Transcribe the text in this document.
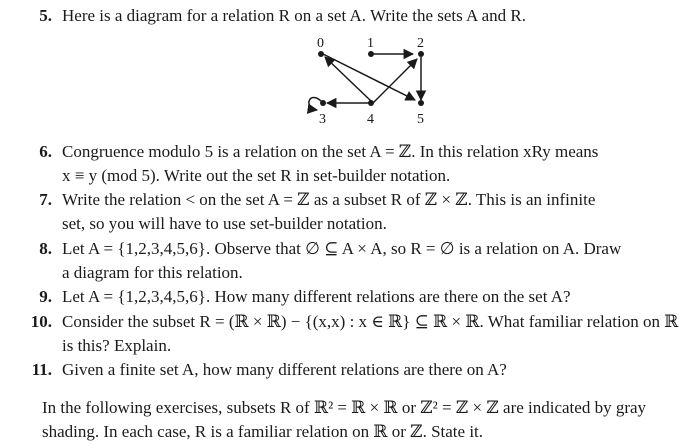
5. Here is a diagram for a relation R on a set A. Write the sets A and R.
0	1	2
3	4	5
6. Congruence modulo 5 is a relation on the set A = ℤ. In this relation xRy means
x ≡ y (mod 5). Write out the set R in set-builder notation.
7. Write the relation < on the set A = ℤ as a subset R of ℤ × ℤ. This is an infinite
set, so you will have to use set-builder notation.
8. Let A = {1,2,3,4,5,6}. Observe that ∅ ⊆ A × A, so R = ∅ is a relation on A. Draw
a diagram for this relation.
9. Let A = {1,2,3,4,5,6}. How many different relations are there on the set A?
10. Consider the subset R = (ℝ × ℝ) − {(x,x) : x ∈ ℝ} ⊆ ℝ × ℝ. What familiar relation on ℝ
is this? Explain.
11. Given a finite set A, how many different relations are there on A?
In the following exercises, subsets R of ℝ² = ℝ × ℝ or ℤ² = ℤ × ℤ are indicated by gray
shading. In each case, R is a familiar relation on ℝ or ℤ. State it.
